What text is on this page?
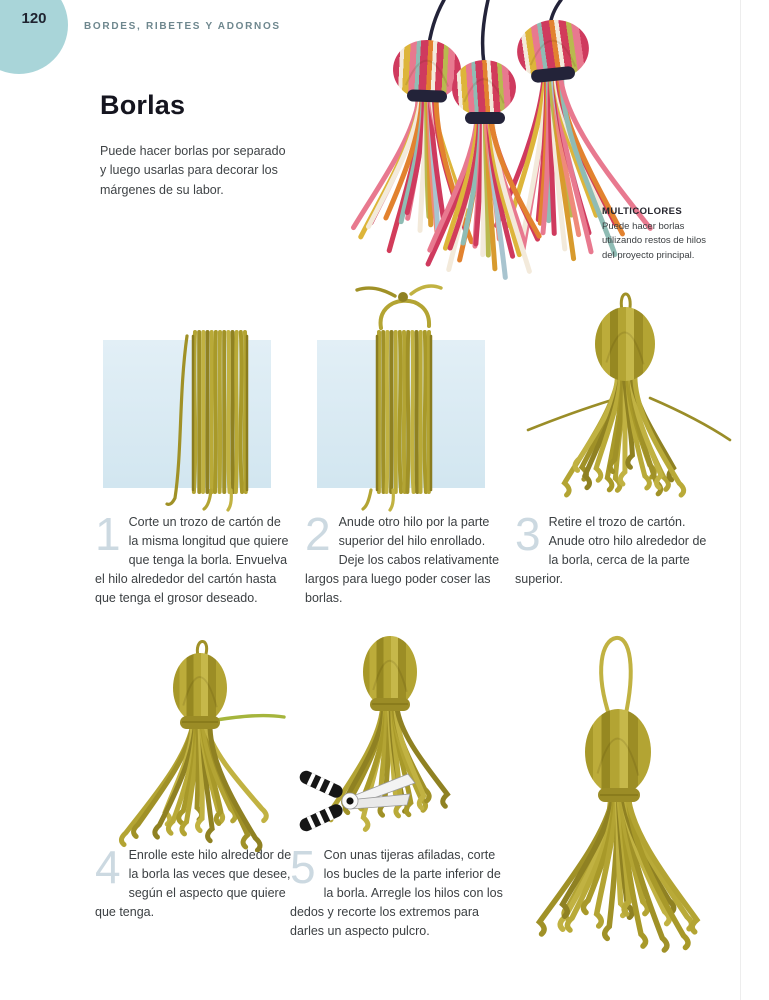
120	BORDES, RIBETES Y ADORNOS
Borlas

Puede hacer borlas por separado y luego usarlas para decorar los márgenes de su labor.

MULTICOLORES
Puede hacer borlas utilizando restos de hilos del proyecto principal.
1 Corte un trozo de cartón de la misma longitud que quiere que tenga la borla. Envuelva el hilo alrededor del cartón hasta que tenga el grosor deseado.
2 Anude otro hilo por la parte superior del hilo enrollado. Deje los cabos relativamente largos para luego poder coser las borlas.
3 Retire el trozo de cartón. Anude otro hilo alrededor de la borla, cerca de la parte superior.
4 Enrolle este hilo alrededor de la borla las veces que desee, según el aspecto que quiere que tenga.
5 Con unas tijeras afiladas, corte los bucles de la parte inferior de la borla. Arregle los hilos con los dedos y recorte los extremos para darles un aspecto pulcro.
